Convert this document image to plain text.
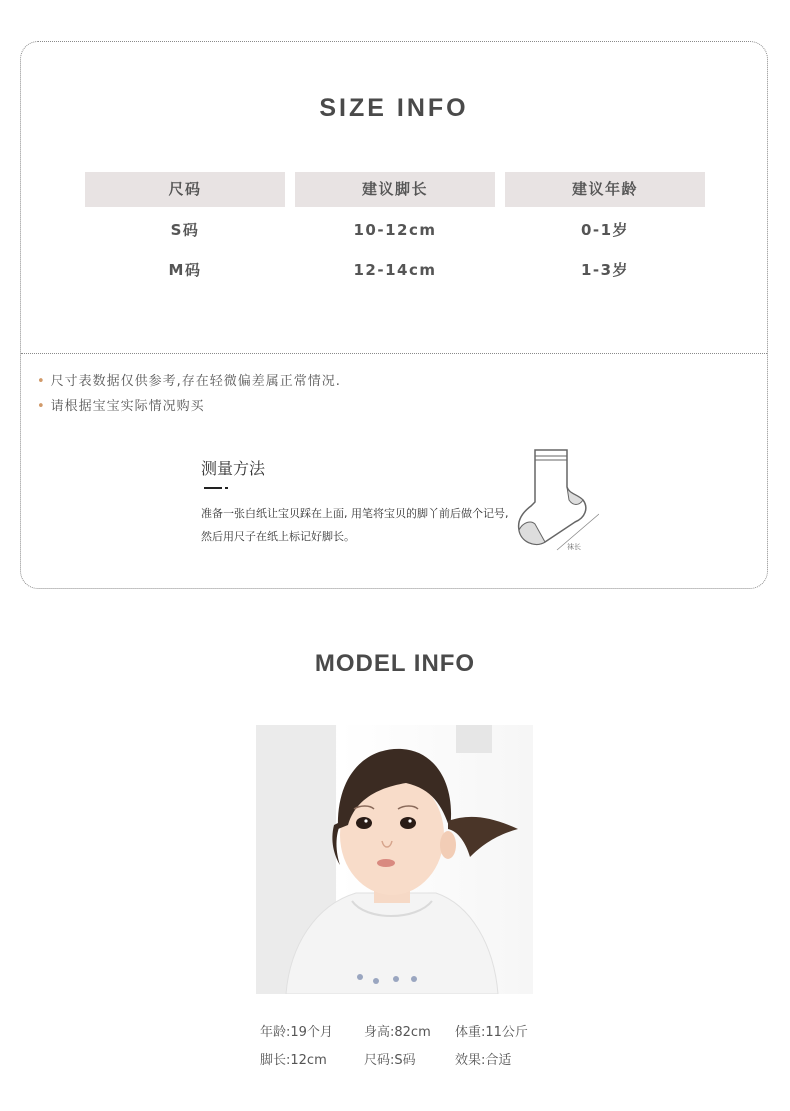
SIZE INFO
尺码	建议脚长	建议年龄
S码	10-12cm	0-1岁
M码	12-14cm	1-3岁
• 尺寸表数据仅供参考,存在轻微偏差属正常情况.
• 请根据宝宝实际情况购买
测量方法
准备一张白纸让宝贝踩在上面, 用笔将宝贝的脚丫前后做个记号,
然后用尺子在纸上标记好脚长。
袜长
MODEL INFO
年龄:19个月	身高:82cm	体重:11公斤
脚长:12cm	尺码:S码	效果:合适
